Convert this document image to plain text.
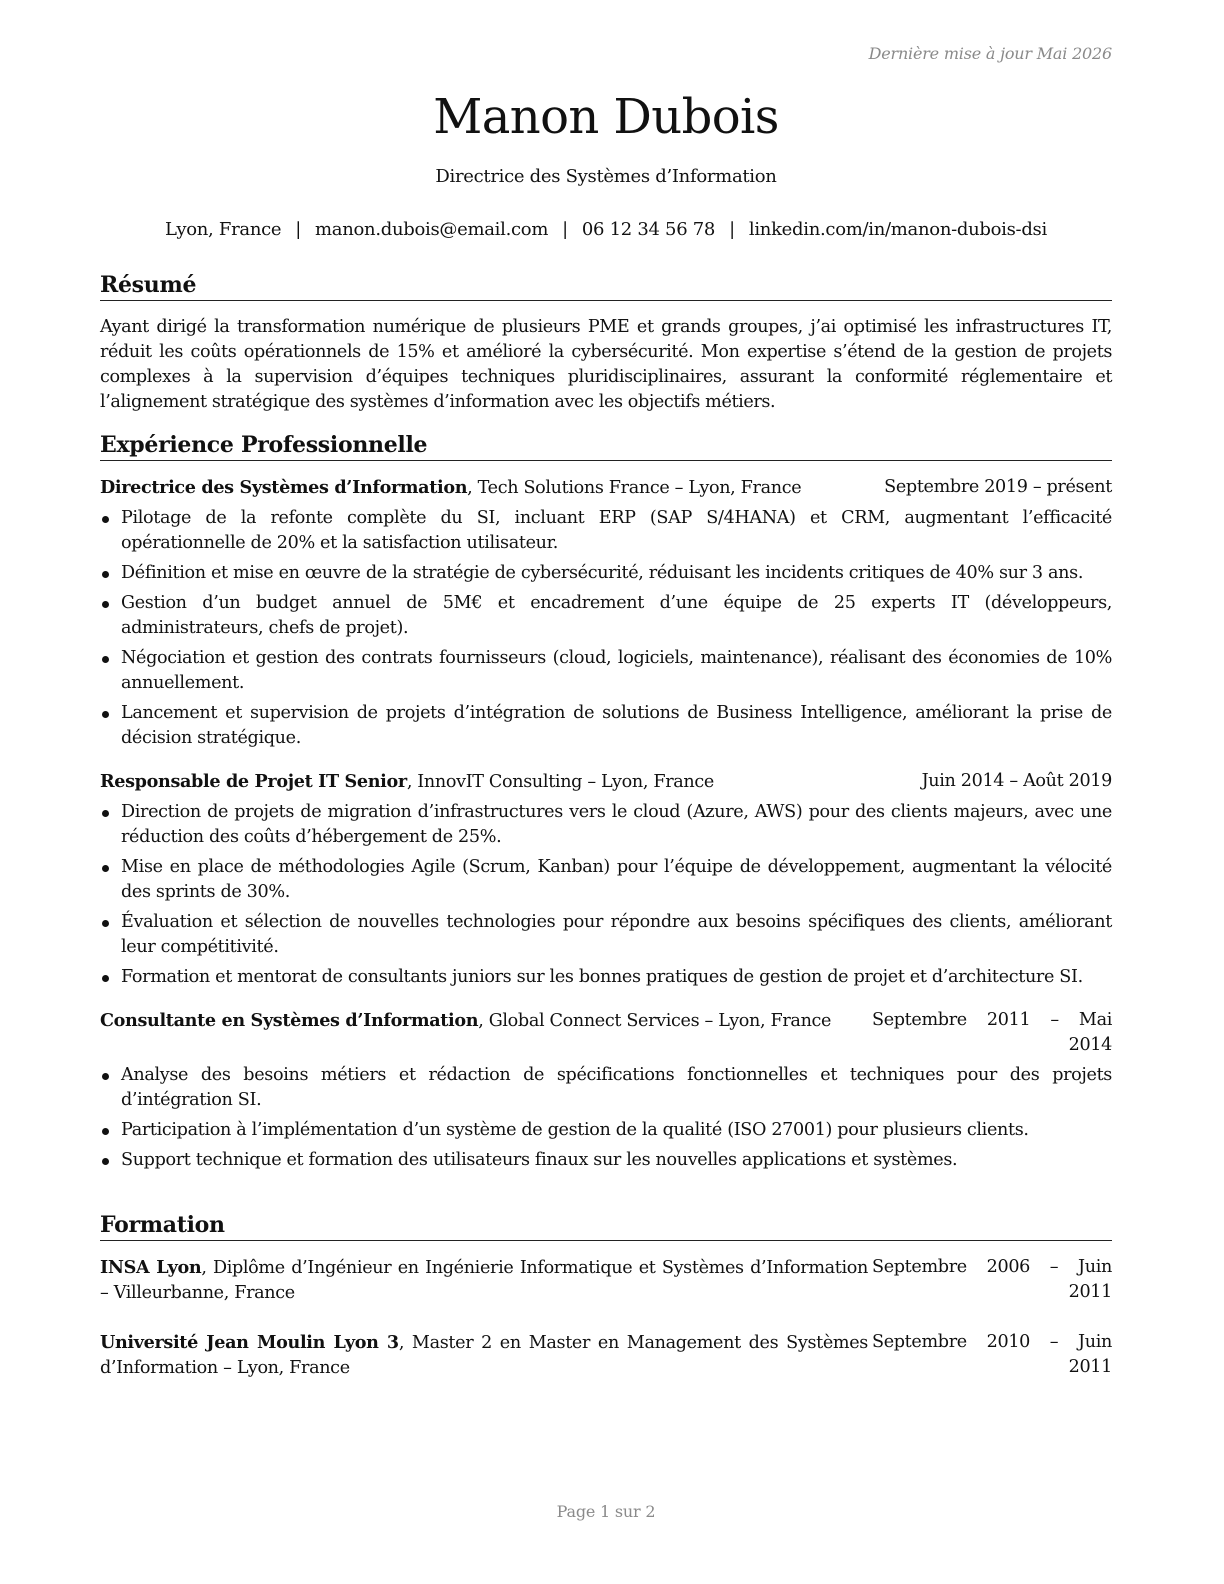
Dernière mise à jour Mai 2026
Manon Dubois
Directrice des Systèmes d’Information
Lyon, France | manon.dubois@email.com | 06 12 34 56 78 | linkedin.com/in/manon-dubois-dsi
Résumé
Ayant dirigé la transformation numérique de plusieurs PME et grands groupes, j’ai optimisé les infrastructures IT, réduit les coûts opérationnels de 15% et amélioré la cybersécurité. Mon expertise s’étend de la gestion de projets complexes à la supervision d’équipes techniques pluridisciplinaires, assurant la conformité réglementaire et l’alignement stratégique des systèmes d’information avec les objectifs métiers.
Expérience Professionnelle
Directrice des Systèmes d’Information, Tech Solutions France – Lyon, France	Septembre 2019 – présent
Pilotage de la refonte complète du SI, incluant ERP (SAP S/4HANA) et CRM, augmentant l’efficacité opérationnelle de 20% et la satisfaction utilisateur.
Définition et mise en œuvre de la stratégie de cybersécurité, réduisant les incidents critiques de 40% sur 3 ans.
Gestion d’un budget annuel de 5M€ et encadrement d’une équipe de 25 experts IT (développeurs, administrateurs, chefs de projet).
Négociation et gestion des contrats fournisseurs (cloud, logiciels, maintenance), réalisant des économies de 10% annuellement.
Lancement et supervision de projets d’intégration de solutions de Business Intelligence, améliorant la prise de décision stratégique.
Responsable de Projet IT Senior, InnovIT Consulting – Lyon, France	Juin 2014 – Août 2019
Direction de projets de migration d’infrastructures vers le cloud (Azure, AWS) pour des clients majeurs, avec une réduction des coûts d’hébergement de 25%.
Mise en place de méthodologies Agile (Scrum, Kanban) pour l’équipe de développement, augmentant la vélocité des sprints de 30%.
Évaluation et sélection de nouvelles technologies pour répondre aux besoins spécifiques des clients, améliorant leur compétitivité.
Formation et mentorat de consultants juniors sur les bonnes pratiques de gestion de projet et d’architecture SI.
Consultante en Systèmes d’Information, Global Connect Services – Lyon, France	Septembre 2011 – Mai 2014
Analyse des besoins métiers et rédaction de spécifications fonctionnelles et techniques pour des projets d’intégration SI.
Participation à l’implémentation d’un système de gestion de la qualité (ISO 27001) pour plusieurs clients.
Support technique et formation des utilisateurs finaux sur les nouvelles applications et systèmes.
Formation
INSA Lyon, Diplôme d’Ingénieur en Ingénierie Informatique et Systèmes d’Information – Villeurbanne, France
Septembre 2006 – Juin 2011
Université Jean Moulin Lyon 3, Master 2 en Master en Management des Systèmes d’Information – Lyon, France
Septembre 2010 – Juin 2011
Page 1 sur 2
